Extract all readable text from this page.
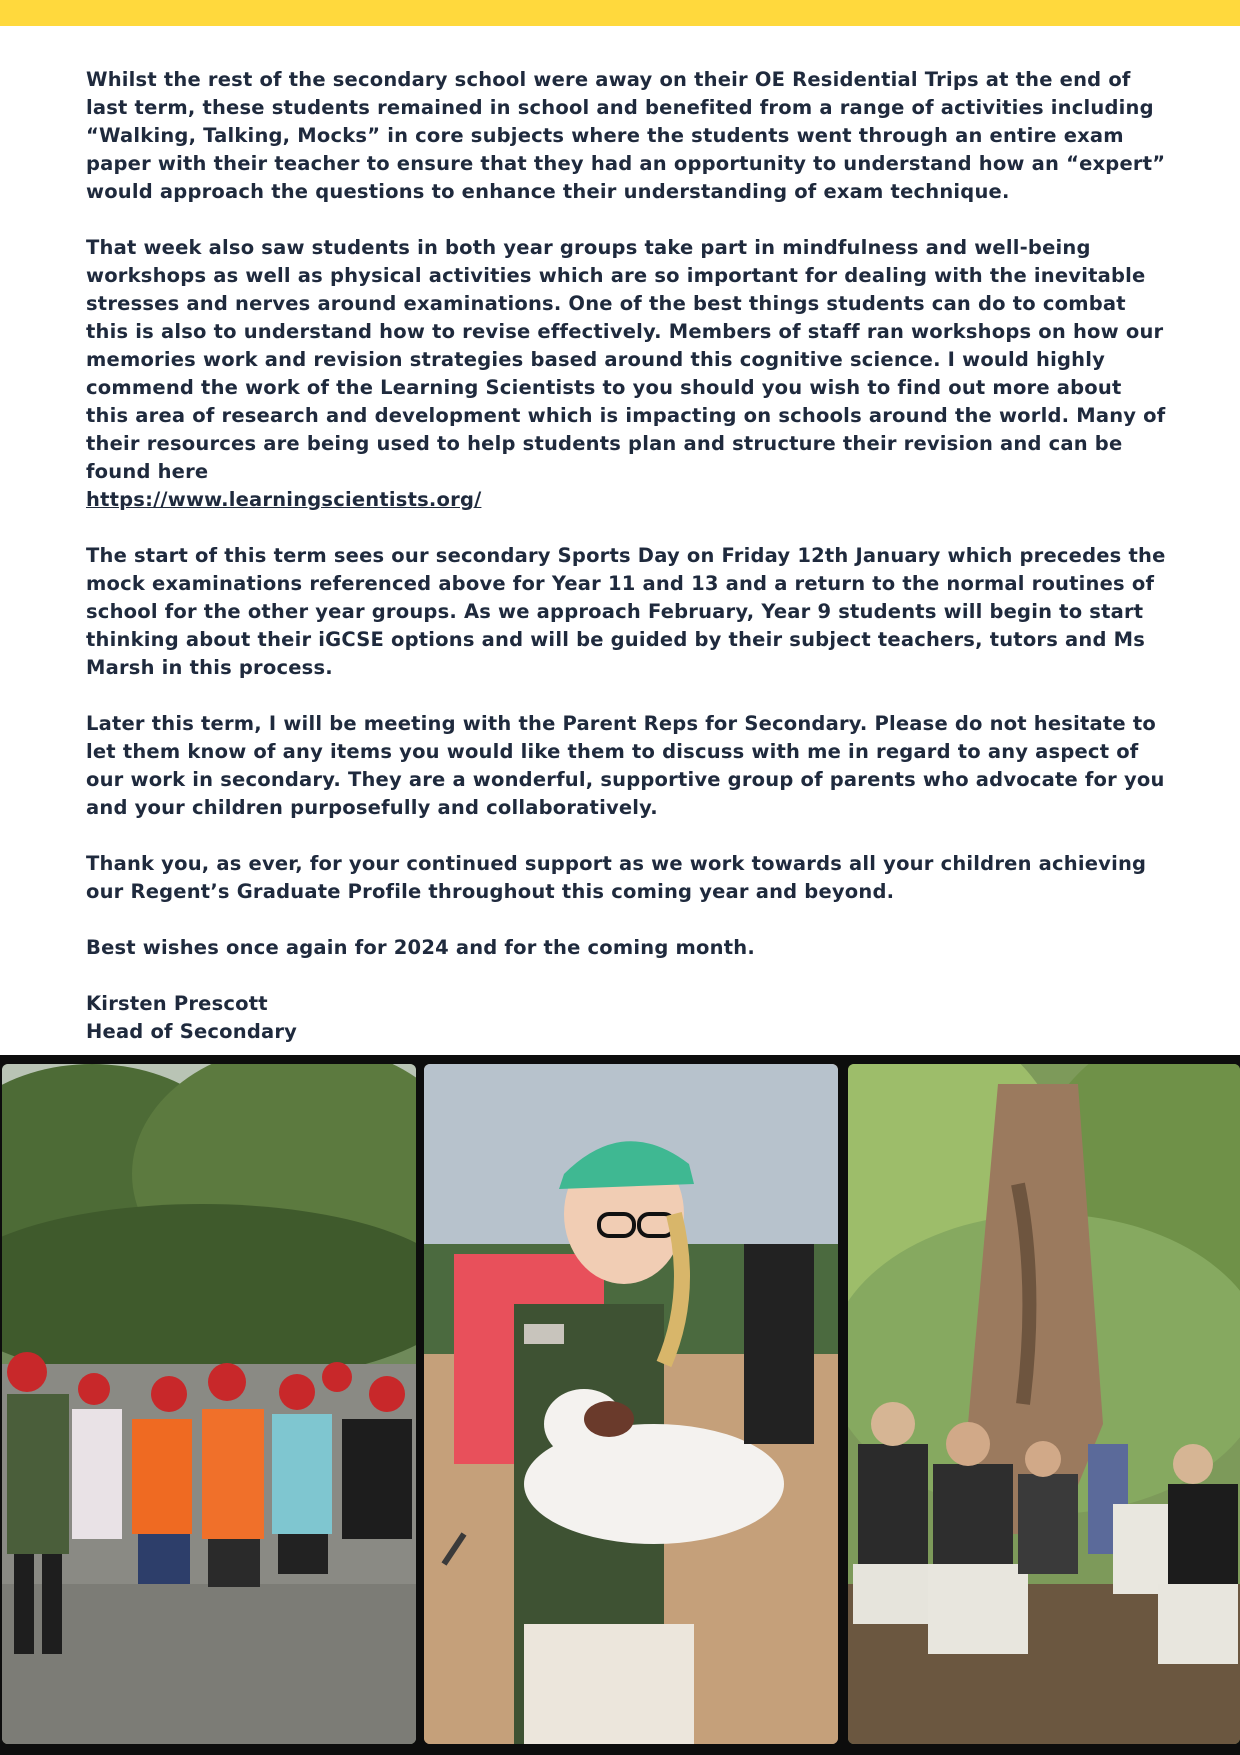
Whilst the rest of the secondary school were away on their OE Residential Trips at the end of last term, these students remained in school and benefited from a range of activities including “Walking, Talking, Mocks” in core subjects where the students went through an entire exam paper with their teacher to ensure that they had an opportunity to understand how an “expert” would approach the questions to enhance their understanding of exam technique.

That week also saw students in both year groups take part in mindfulness and well-being workshops as well as physical activities which are so important for dealing with the inevitable stresses and nerves around examinations. One of the best things students can do to combat this is also to understand how to revise effectively. Members of staff ran workshops on how our memories work and revision strategies based around this cognitive science. I would highly commend the work of the Learning Scientists to you should you wish to find out more about this area of research and development which is impacting on schools around the world. Many of their resources are being used to help students plan and structure their revision and can be found here
https://www.learningscientists.org/

The start of this term sees our secondary Sports Day on Friday 12th January which precedes the mock examinations referenced above for Year 11 and 13 and a return to the normal routines of school for the other year groups. As we approach February, Year 9 students will begin to start thinking about their iGCSE options and will be guided by their subject teachers, tutors and Ms Marsh in this process.

Later this term, I will be meeting with the Parent Reps for Secondary. Please do not hesitate to let them know of any items you would like them to discuss with me in regard to any aspect of our work in secondary. They are a wonderful, supportive group of parents who advocate for you and your children purposefully and collaboratively.

Thank you, as ever, for your continued support as we work towards all your children achieving our Regent’s Graduate Profile throughout this coming year and beyond.

Best wishes once again for 2024 and for the coming month.

Kirsten Prescott
Head of Secondary
